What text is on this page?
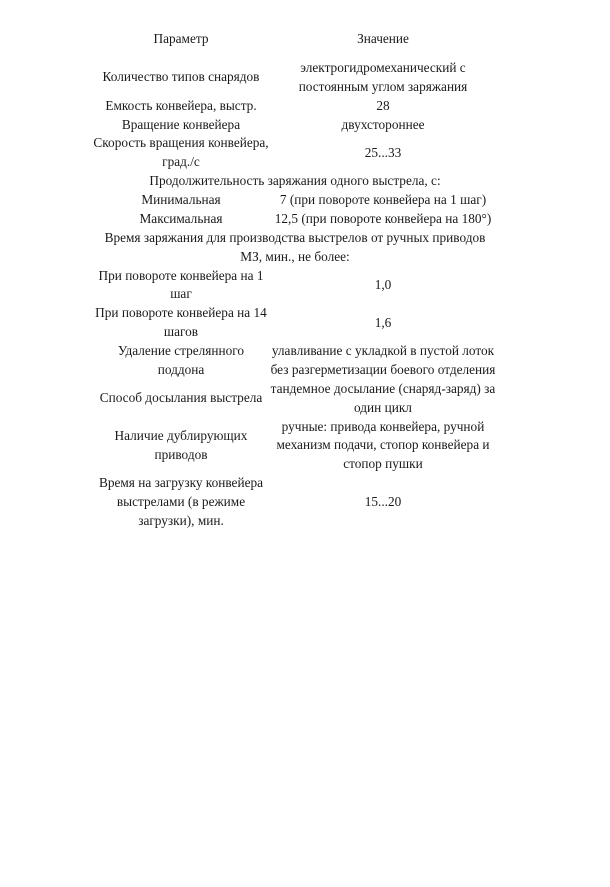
Параметр	Значение
Количество типов снарядов	электрогидромеханический с постоянным углом заряжания
Емкость конвейера, выстр.	28
Вращение конвейера	двухстороннее
Скорость вращения конвейера, град./с	25...33
Продолжительность заряжания одного выстрела, с:	
Минимальная	7 (при повороте конвейера на 1 шаг)
Максимальная	12,5 (при повороте конвейера на 180°)
Время заряжания для производства выстрелов от ручных приводов МЗ, мин., не более:	
При повороте конвейера на 1 шаг	1,0
При повороте конвейера на 14 шагов	1,6
Удаление стрелянного поддона	улавливание с укладкой в пустой лоток без разгерметизации боевого отделения
Способ досылания выстрела	тандемное досылание (снаряд-заряд) за один цикл
Наличие дублирующих приводов	ручные: привода конвейера, ручной механизм подачи, стопор конвейера и стопор пушки
Время на загрузку конвейера выстрелами (в режиме загрузки), мин.	15...20
